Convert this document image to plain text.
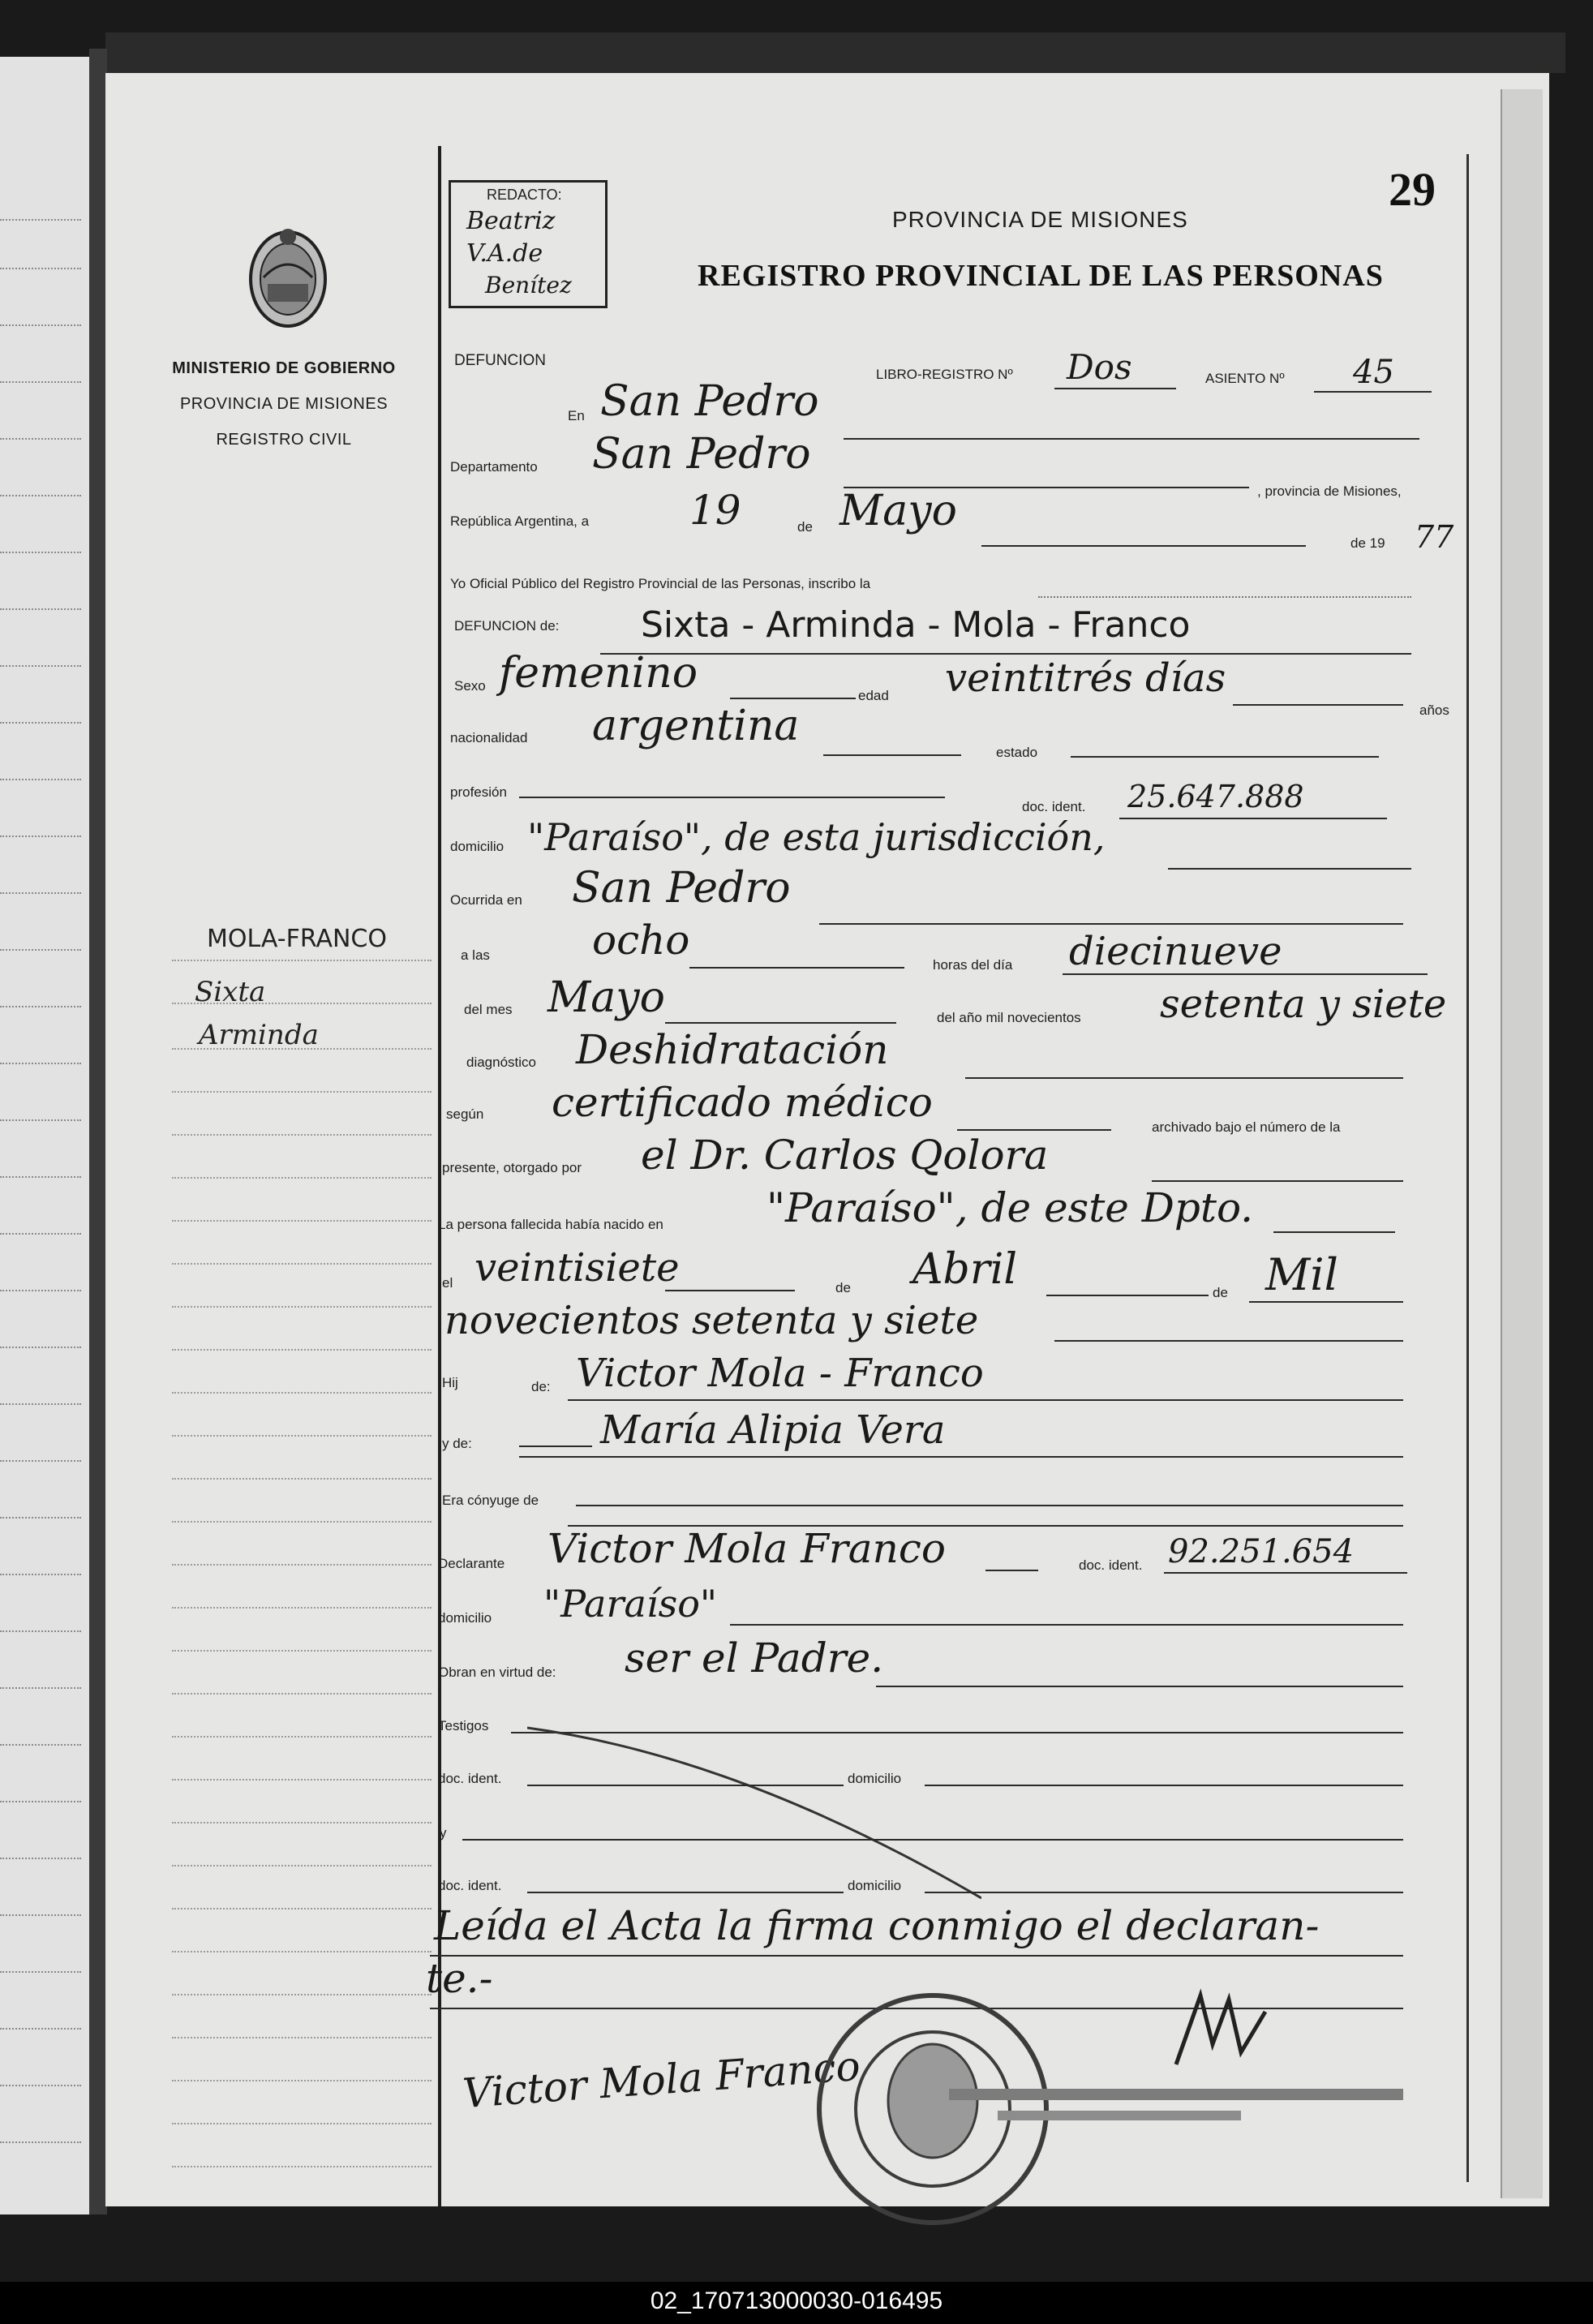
MINISTERIO DE GOBIERNO
PROVINCIA DE MISIONES
REGISTRO CIVIL
MOLA-FRANCO
Sixta
Arminda
REDACTO:
Beatriz
V.A.de
Benítez
29
PROVINCIA DE MISIONES
REGISTRO PROVINCIAL DE LAS PERSONAS
DEFUNCION
LIBRO-REGISTRO Nº Dos	ASIENTO Nº 45
En San Pedro
Departamento San Pedro
, provincia de Misiones,
República Argentina, a 19	de Mayo
de 19 77
Yo Oficial Público del Registro Provincial de las Personas, inscribo la
DEFUNCION de: Sixta - Arminda - Mola - Franco
Sexo femenino	edad veintitrés días
años
nacionalidad argentina
estado
profesión
doc. ident. 25.647.888
domicilio "Paraíso", de esta jurisdicción,
Ocurrida en San Pedro
a las	ocho
horas del día diecinueve
del mes Mayo	del año mil novecientos setenta y siete
diagnóstico Deshidratación
según certificado médico
archivado bajo el número de la
presente, otorgado por el Dr. Carlos Qolora
La persona fallecida había nacido en	"Paraíso", de este Dpto.
el veintisiete	de Abril	de Mil
novecientos setenta y siete
Hij	de: Victor Mola - Franco
y de:	María Alipia Vera
Era cónyuge de
Declarante Victor Mola Franco	doc. ident. 92.251.654
domicilio "Paraíso"
Obran en virtud de: ser el Padre.
Testigos
doc. ident.	domicilio
y
doc. ident.	domicilio
Leída el Acta la firma conmigo el declaran-
te.-
Victor Mola Franco
02_170713000030-016495
